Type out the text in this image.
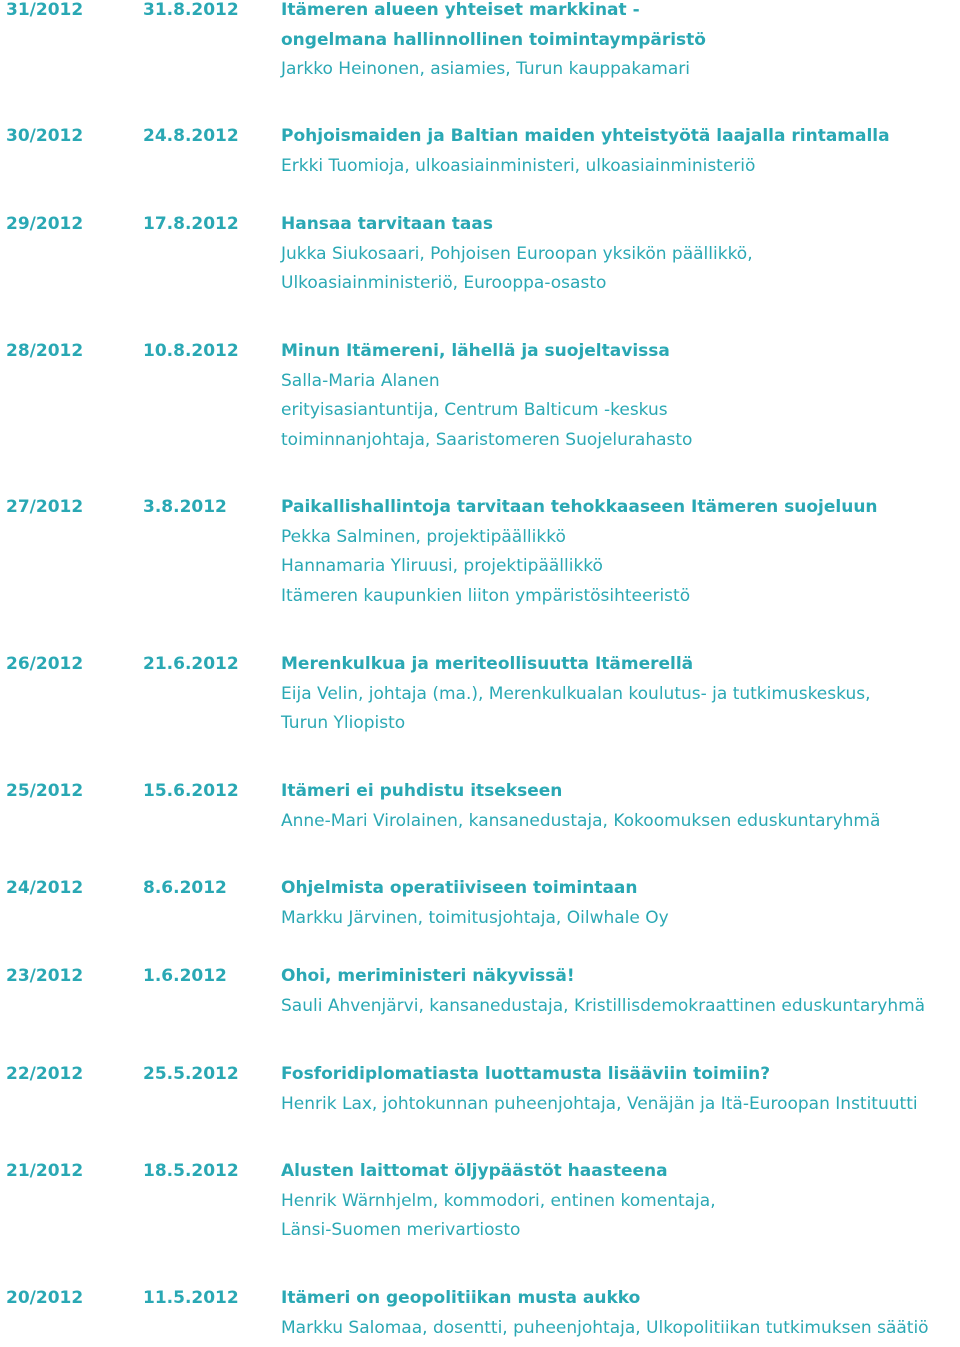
31/2012	31.8.2012 Itämeren alueen yhteiset markkinat -
ongelmana hallinnollinen toimintaympäristö
Jarkko Heinonen, asiamies, Turun kauppakamari
30/2012	24.8.2012 Pohjoismaiden ja Baltian maiden yhteistyötä laajalla rintamalla
Erkki Tuomioja, ulkoasiainministeri, ulkoasiainministeriö
29/2012	17.8.2012 Hansaa tarvitaan taas
Jukka Siukosaari, Pohjoisen Euroopan yksikön päällikkö,
Ulkoasiainministeriö, Eurooppa-osasto
28/2012	10.8.2012 Minun Itämereni, lähellä ja suojeltavissa
Salla-Maria Alanen
erityisasiantuntija, Centrum Balticum -keskus
toiminnanjohtaja, Saaristomeren Suojelurahasto
27/2012	3.8.2012	Paikallishallintoja tarvitaan tehokkaaseen Itämeren suojeluun
Pekka Salminen, projektipäällikkö
Hannamaria Yliruusi, projektipäällikkö
Itämeren kaupunkien liiton ympäristösihteeristö
26/2012	21.6.2012 Merenkulkua ja meriteollisuutta Itämerellä
Eija Velin, johtaja (ma.), Merenkulkualan koulutus- ja tutkimuskeskus,
Turun Yliopisto
25/2012	15.6.2012 Itämeri ei puhdistu itsekseen
Anne-Mari Virolainen, kansanedustaja, Kokoomuksen eduskuntaryhmä
24/2012	8.6.2012	Ohjelmista operatiiviseen toimintaan
Markku Järvinen, toimitusjohtaja, Oilwhale Oy
23/2012	1.6.2012	Ohoi, meriministeri näkyvissä!
Sauli Ahvenjärvi, kansanedustaja, Kristillisdemokraattinen eduskuntaryhmä
22/2012	25.5.2012 Fosforidiplomatiasta luottamusta lisääviin toimiin?
Henrik Lax, johtokunnan puheenjohtaja, Venäjän ja Itä-Euroopan Instituutti
21/2012	18.5.2012 Alusten laittomat öljypäästöt haasteena
Henrik Wärnhjelm, kommodori, entinen komentaja,
Länsi-Suomen merivartiosto
20/2012	11.5.2012 Itämeri on geopolitiikan musta aukko
Markku Salomaa, dosentti, puheenjohtaja, Ulkopolitiikan tutkimuksen säätiö
